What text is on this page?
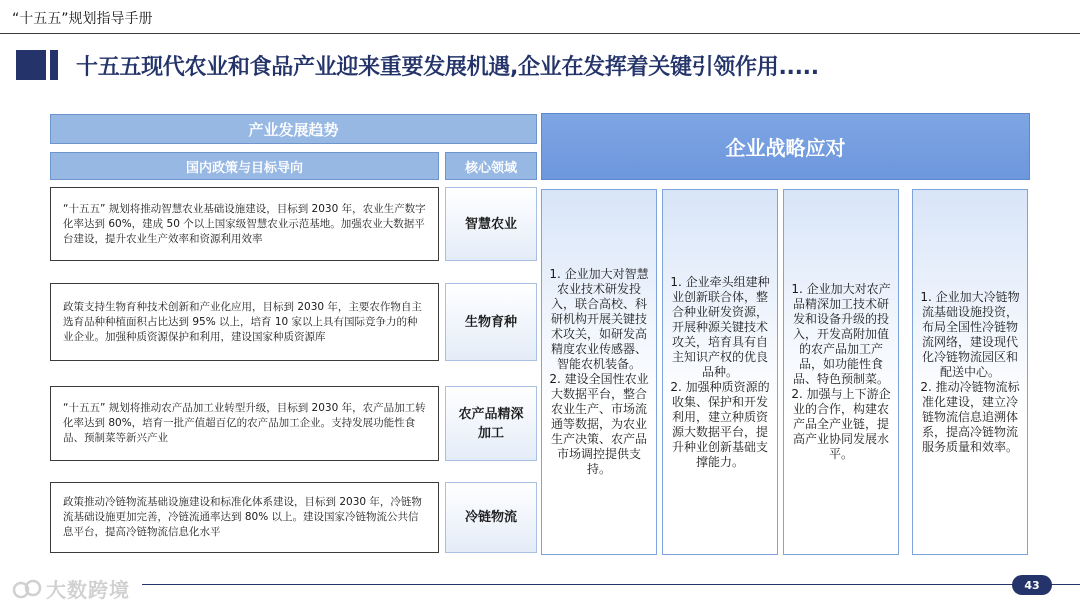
“十五五”规划指导手册
十五五现代农业和食品产业迎来重要发展机遇,企业在发挥着关键引领作用.....
产业发展趋势
国内政策与目标导向	核心领域
企业战略应对
“十五五” 规划将推动智慧农业基础设施建设，目标到 2030 年，农业生产数字化率达到 60%，建成 50 个以上国家级智慧农业示范基地。加强农业大数据平台建设，提升农业生产效率和资源利用效率
智慧农业
政策支持生物育种技术创新和产业化应用，目标到 2030 年，主要农作物自主选育品种种植面积占比达到 95% 以上，培育 10 家以上具有国际竞争力的种业企业。加强种质资源保护和利用，建设国家种质资源库
生物育种
“十五五” 规划将推动农产品加工业转型升级，目标到 2030 年，农产品加工转化率达到 80%，培育一批产值超百亿的农产品加工企业。支持发展功能性食品、预制菜等新兴产业
农产品精深加工
政策推动冷链物流基础设施建设和标准化体系建设，目标到 2030 年，冷链物流基础设施更加完善，冷链流通率达到 80% 以上。建设国家冷链物流公共信息平台，提高冷链物流信息化水平
冷链物流
1. 企业加大对智慧农业技术研发投入，联合高校、科研机构开展关键技术攻关，如研发高精度农业传感器、智能农机装备。
2. 建设全国性农业大数据平台，整合农业生产、市场流通等数据，为农业生产决策、农产品市场调控提供支持。
1. 企业牵头组建种业创新联合体，整合种业研发资源，开展种源关键技术攻关，培育具有自主知识产权的优良品种。
2. 加强种质资源的收集、保护和开发利用，建立种质资源大数据平台，提升种业创新基础支撑能力。
1. 企业加大对农产品精深加工技术研发和设备升级的投入，开发高附加值的农产品加工产品，如功能性食品、特色预制菜。
2. 加强与上下游企业的合作，构建农产品全产业链，提高产业协同发展水平。
1. 企业加大冷链物流基础设施投资，布局全国性冷链物流网络，建设现代化冷链物流园区和配送中心。
2. 推动冷链物流标准化建设，建立冷链物流信息追溯体系，提高冷链物流服务质量和效率。
大数跨境	43
